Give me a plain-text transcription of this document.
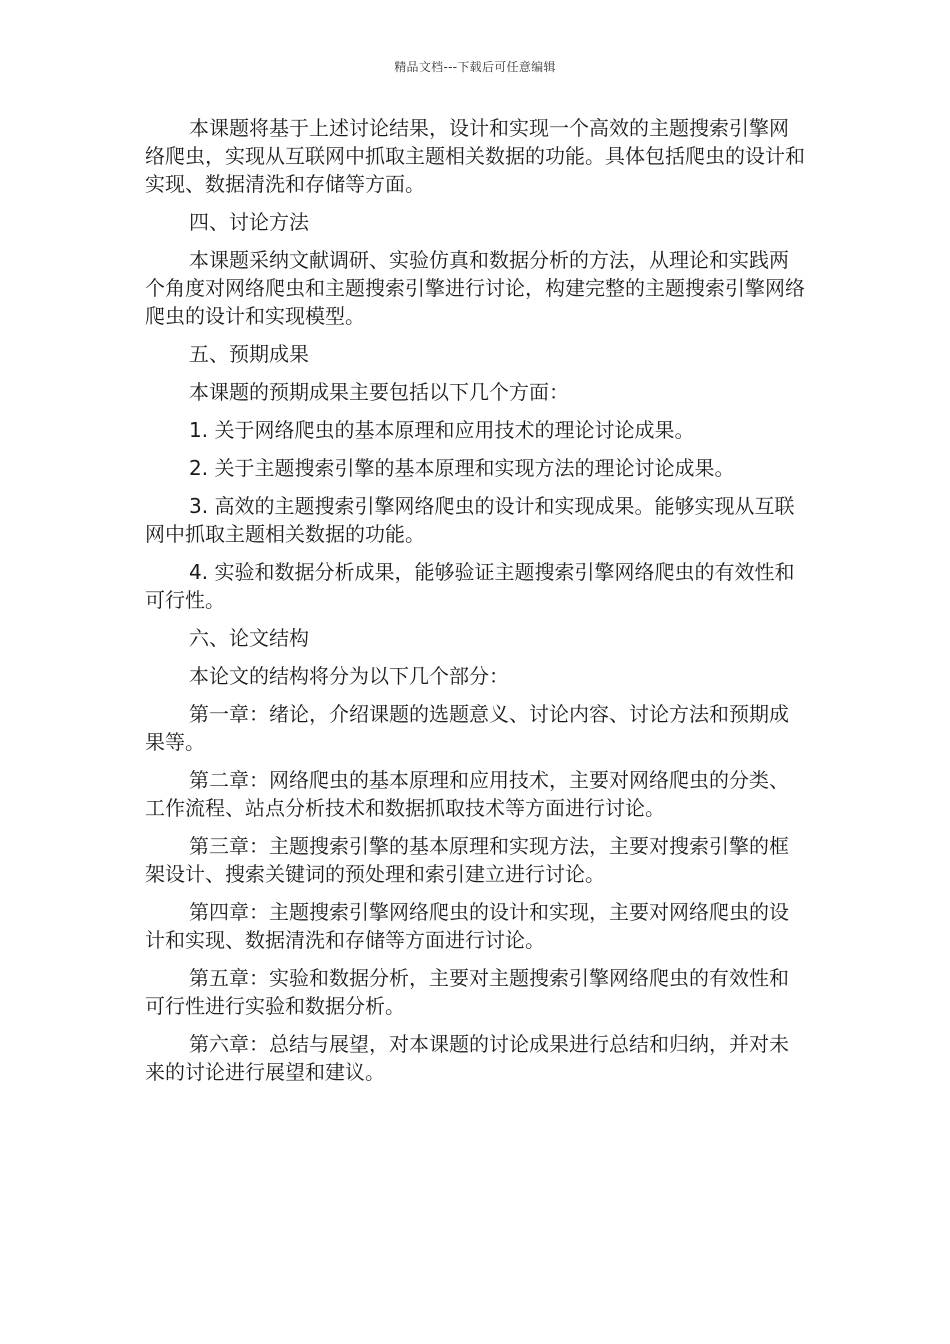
精品文档---下载后可任意编辑

本课题将基于上述讨论结果，设计和实现一个高效的主题搜索引擎网络爬虫，实现从互联网中抓取主题相关数据的功能。具体包括爬虫的设计和实现、数据清洗和存储等方面。

四、讨论方法

本课题采纳文献调研、实验仿真和数据分析的方法，从理论和实践两个角度对网络爬虫和主题搜索引擎进行讨论，构建完整的主题搜索引擎网络爬虫的设计和实现模型。

五、预期成果

本课题的预期成果主要包括以下几个方面：

1. 关于网络爬虫的基本原理和应用技术的理论讨论成果。

2. 关于主题搜索引擎的基本原理和实现方法的理论讨论成果。

3. 高效的主题搜索引擎网络爬虫的设计和实现成果。能够实现从互联网中抓取主题相关数据的功能。

4. 实验和数据分析成果，能够验证主题搜索引擎网络爬虫的有效性和可行性。

六、论文结构

本论文的结构将分为以下几个部分：

第一章：绪论，介绍课题的选题意义、讨论内容、讨论方法和预期成果等。

第二章：网络爬虫的基本原理和应用技术，主要对网络爬虫的分类、工作流程、站点分析技术和数据抓取技术等方面进行讨论。

第三章：主题搜索引擎的基本原理和实现方法，主要对搜索引擎的框架设计、搜索关键词的预处理和索引建立进行讨论。

第四章：主题搜索引擎网络爬虫的设计和实现，主要对网络爬虫的设计和实现、数据清洗和存储等方面进行讨论。

第五章：实验和数据分析，主要对主题搜索引擎网络爬虫的有效性和可行性进行实验和数据分析。

第六章：总结与展望，对本课题的讨论成果进行总结和归纳，并对未来的讨论进行展望和建议。
